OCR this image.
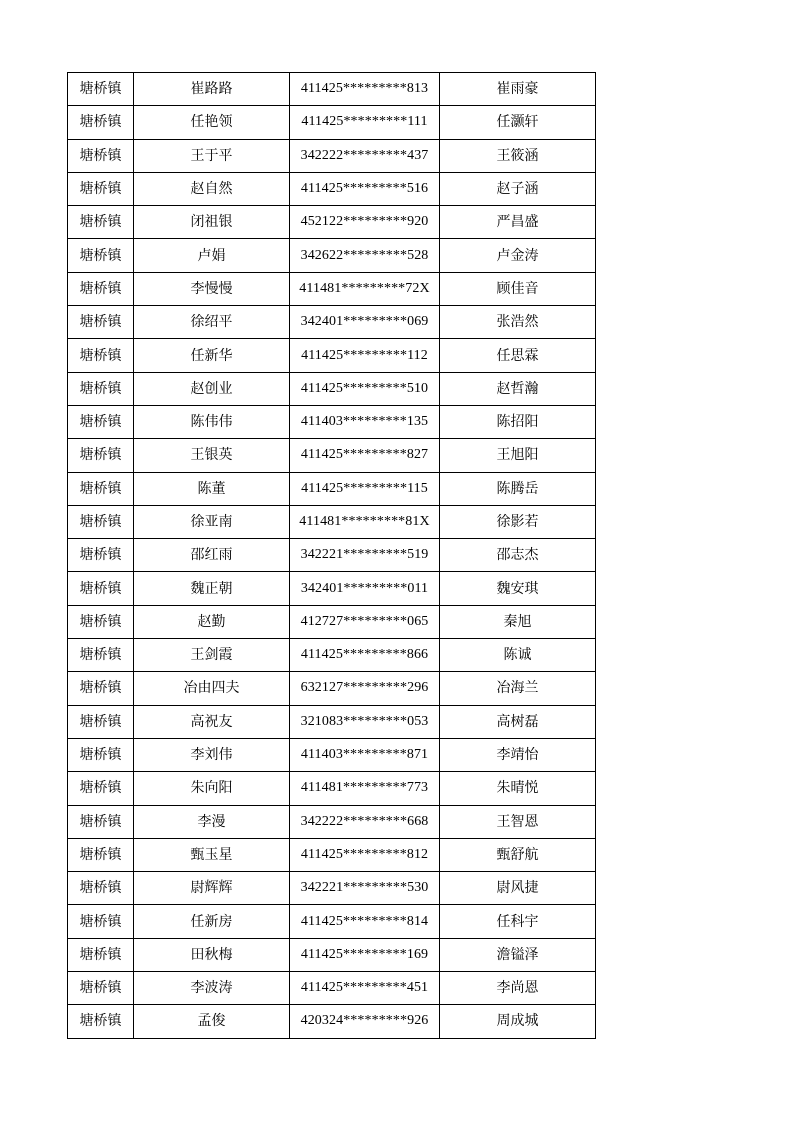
塘桥镇	崔路路	411425*********813	崔雨豪
塘桥镇	任艳领	411425*********111	任灏轩
塘桥镇	王于平	342222*********437	王筱涵
塘桥镇	赵自然	411425*********516	赵子涵
塘桥镇	闭祖银	452122*********920	严昌盛
塘桥镇	卢娟	342622*********528	卢金涛
塘桥镇	李慢慢	411481*********72X	顾佳音
塘桥镇	徐绍平	342401*********069	张浩然
塘桥镇	任新华	411425*********112	任思霖
塘桥镇	赵创业	411425*********510	赵哲瀚
塘桥镇	陈伟伟	411403*********135	陈招阳
塘桥镇	王银英	411425*********827	王旭阳
塘桥镇	陈董	411425*********115	陈腾岳
塘桥镇	徐亚南	411481*********81X	徐影若
塘桥镇	邵红雨	342221*********519	邵志杰
塘桥镇	魏正朝	342401*********011	魏安琪
塘桥镇	赵勤	412727*********065	秦旭
塘桥镇	王剑霞	411425*********866	陈诚
塘桥镇	冶由四夫	632127*********296	冶海兰
塘桥镇	高祝友	321083*********053	高树磊
塘桥镇	李刘伟	411403*********871	李靖怡
塘桥镇	朱向阳	411481*********773	朱晴悦
塘桥镇	李漫	342222*********668	王智恩
塘桥镇	甄玉星	411425*********812	甄舒航
塘桥镇	尉辉辉	342221*********530	尉风捷
塘桥镇	任新房	411425*********814	任科宇
塘桥镇	田秋梅	411425*********169	澹镒泽
塘桥镇	李波涛	411425*********451	李尚恩
塘桥镇	孟俊	420324*********926	周成城
